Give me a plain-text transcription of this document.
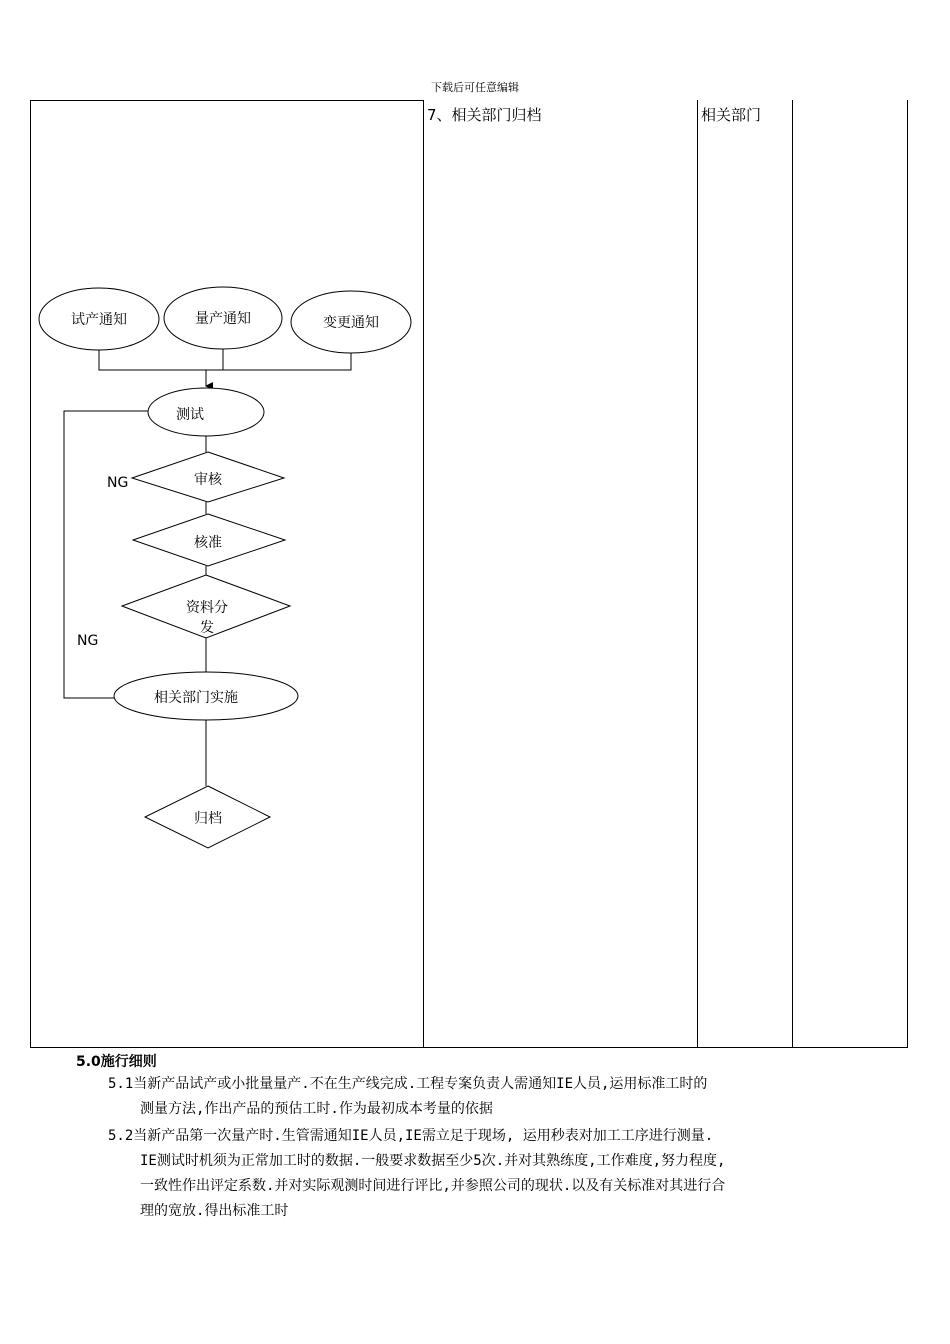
下载后可任意编辑
7、相关部门归档	相关部门
试产通知	量产通知	变更通知
NG
NG
测试
审核
核准
资料分
发
相关部门实施
归档
5.0施行细则
5.1当新产品试产或小批量量产.不在生产线完成.工程专案负责人需通知IE人员,运用标准工时的
测量方法,作出产品的预估工时.作为最初成本考量的依据
5.2当新产品第一次量产时.生管需通知IE人员,IE需立足于现场, 运用秒表对加工工序进行测量.
IE测试时机须为正常加工时的数据.一般要求数据至少5次.并对其熟练度,工作难度,努力程度,
一致性作出评定系数.并对实际观测时间进行评比,并参照公司的现状.以及有关标准对其进行合
理的宽放.得出标准工时
